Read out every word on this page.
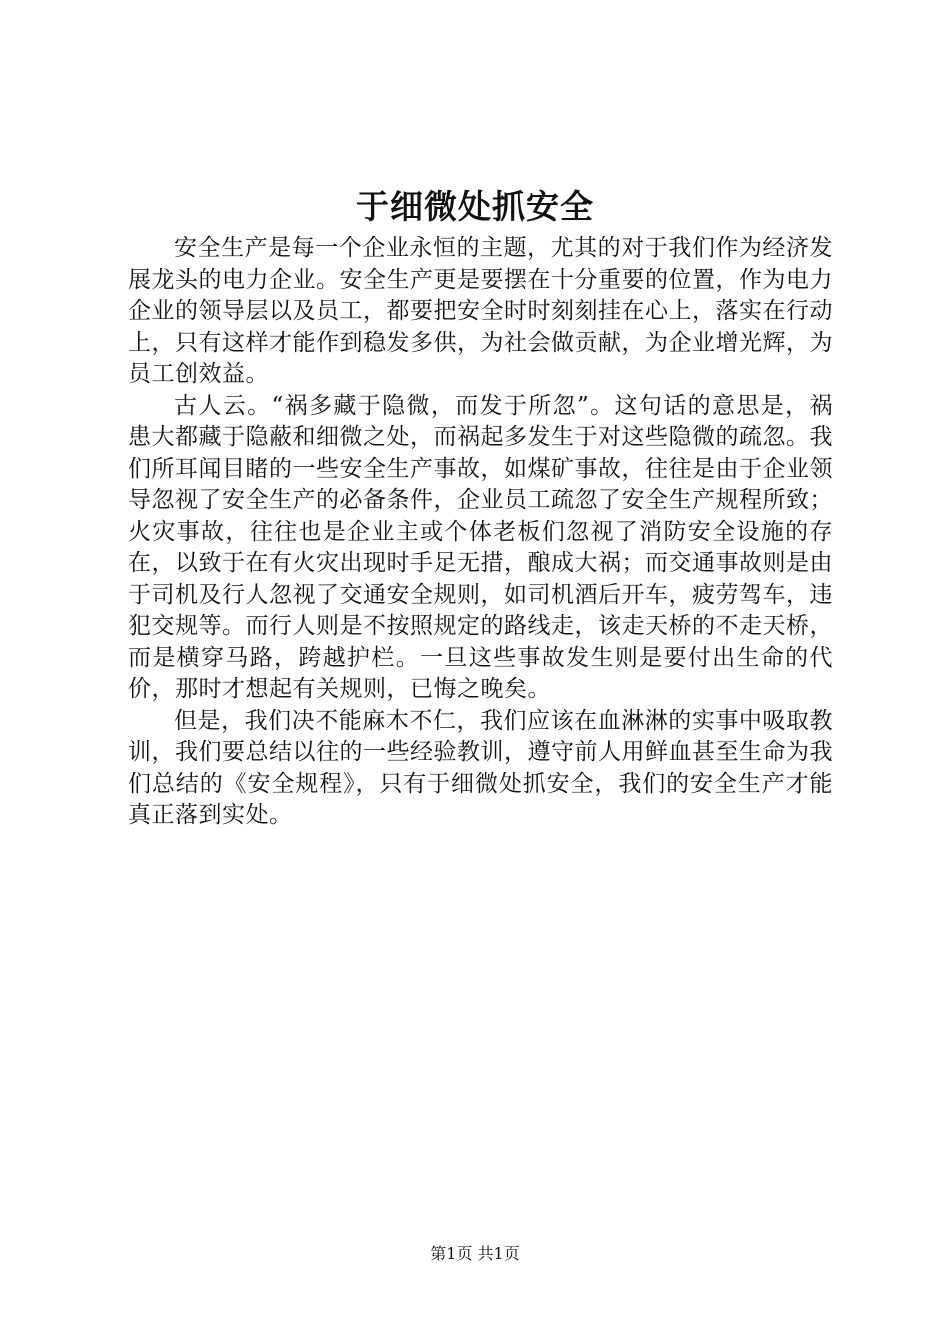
于细微处抓安全

安全生产是每一个企业永恒的主题，尤其的对于我们作为经济发展龙头的电力企业。安全生产更是要摆在十分重要的位置，作为电力企业的领导层以及员工，都要把安全时时刻刻挂在心上，落实在行动上，只有这样才能作到稳发多供，为社会做贡献，为企业增光辉，为员工创效益。

古人云。“祸多藏于隐微，而发于所忽”。这句话的意思是，祸患大都藏于隐蔽和细微之处，而祸起多发生于对这些隐微的疏忽。我们所耳闻目睹的一些安全生产事故，如煤矿事故，往往是由于企业领导忽视了安全生产的必备条件，企业员工疏忽了安全生产规程所致；火灾事故，往往也是企业主或个体老板们忽视了消防安全设施的存在，以致于在有火灾出现时手足无措，酿成大祸；而交通事故则是由于司机及行人忽视了交通安全规则，如司机酒后开车，疲劳驾车，违犯交规等。而行人则是不按照规定的路线走，该走天桥的不走天桥，而是横穿马路，跨越护栏。一旦这些事故发生则是要付出生命的代价，那时才想起有关规则，已悔之晚矣。

但是，我们决不能麻木不仁，我们应该在血淋淋的实事中吸取教训，我们要总结以往的一些经验教训，遵守前人用鲜血甚至生命为我们总结的《安全规程》，只有于细微处抓安全，我们的安全生产才能真正落到实处。

第1页 共1页
